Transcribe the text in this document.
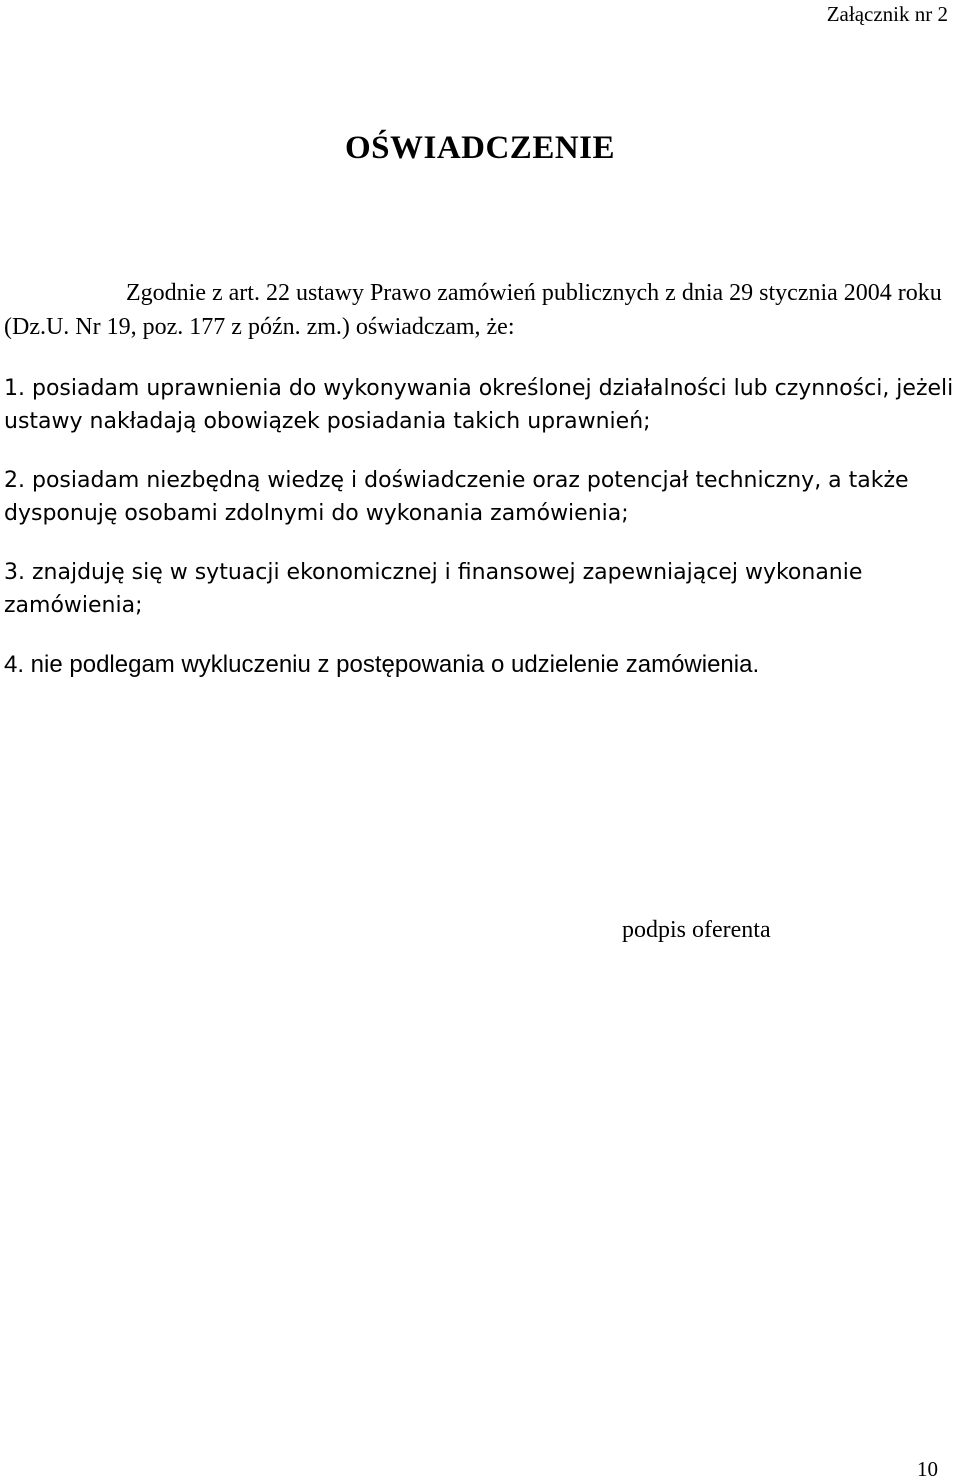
Załącznik nr 2
OŚWIADCZENIE
Zgodnie z art. 22 ustawy Prawo zamówień publicznych z dnia 29 stycznia 2004 roku (Dz.U. Nr 19, poz. 177 z późn. zm.) oświadczam, że:
1. posiadam uprawnienia do wykonywania określonej działalności lub czynności, jeżeli ustawy nakładają obowiązek posiadania takich uprawnień;
2. posiadam niezbędną wiedzę i doświadczenie oraz potencjał techniczny, a także dysponuję osobami zdolnymi do wykonania zamówienia;
3. znajduję się w sytuacji ekonomicznej i finansowej zapewniającej wykonanie zamówienia;
4. nie podlegam wykluczeniu z postępowania o udzielenie zamówienia.
podpis oferenta
10
